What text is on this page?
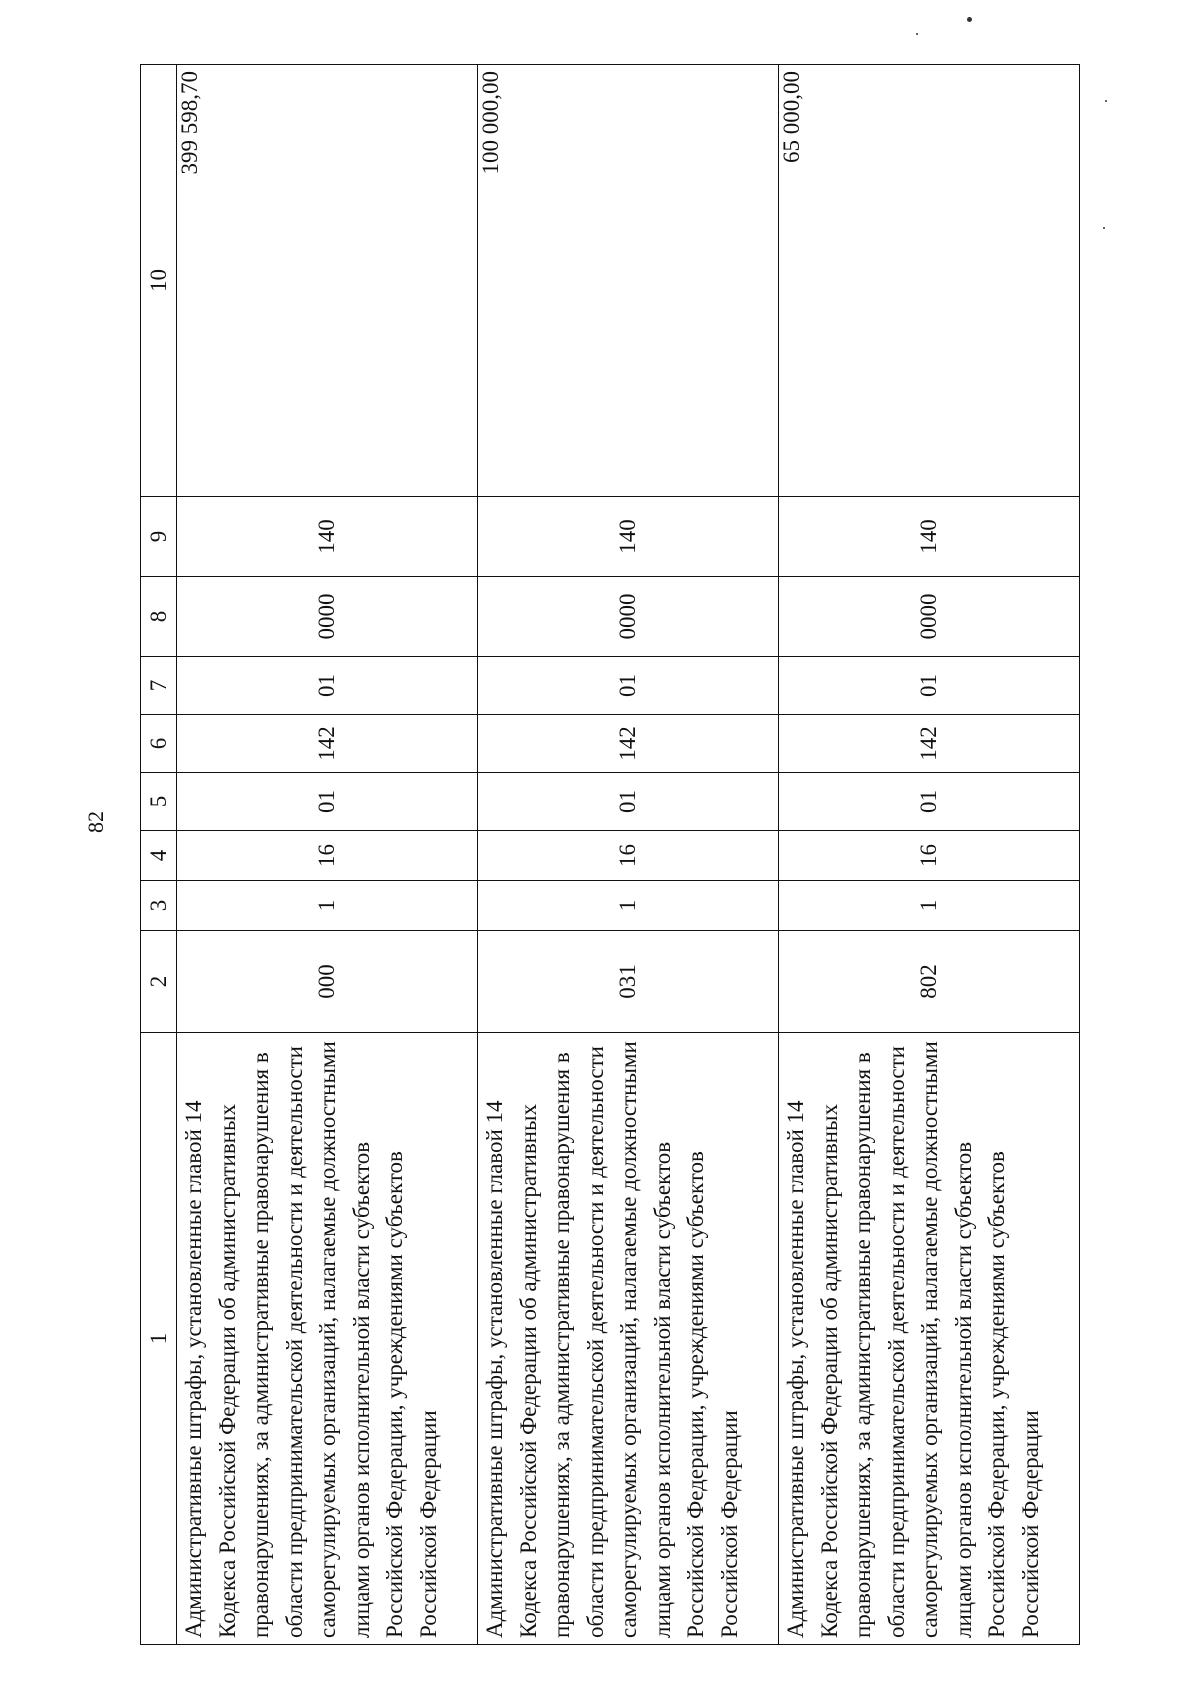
82
1	2	3	4	5	6	7	8	9	10

Административные штрафы, установленные главой 14 Кодекса Российской Федерации об административных правонарушениях, за административные правонарушения в области предпринимательской деятельности и деятельности саморегулируемых организаций, налагаемые должностными лицами органов исполнительной власти субъектов Российской Федерации, учреждениями субъектов Российской Федерации	000	1	16	01	142	01	0000	140	399 598,70

Административные штрафы, установленные главой 14 Кодекса Российской Федерации об административных правонарушениях, за административные правонарушения в области предпринимательской деятельности и деятельности саморегулируемых организаций, налагаемые должностными лицами органов исполнительной власти субъектов Российской Федерации, учреждениями субъектов Российской Федерации	031	1	16	01	142	01	0000	140	100 000,00

Административные штрафы, установленные главой 14 Кодекса Российской Федерации об административных правонарушениях, за административные правонарушения в области предпринимательской деятельности и деятельности саморегулируемых организаций, налагаемые должностными лицами органов исполнительной власти субъектов Российской Федерации, учреждениями субъектов Российской Федерации	802	1	16	01	142	01	0000	140	65 000,00
